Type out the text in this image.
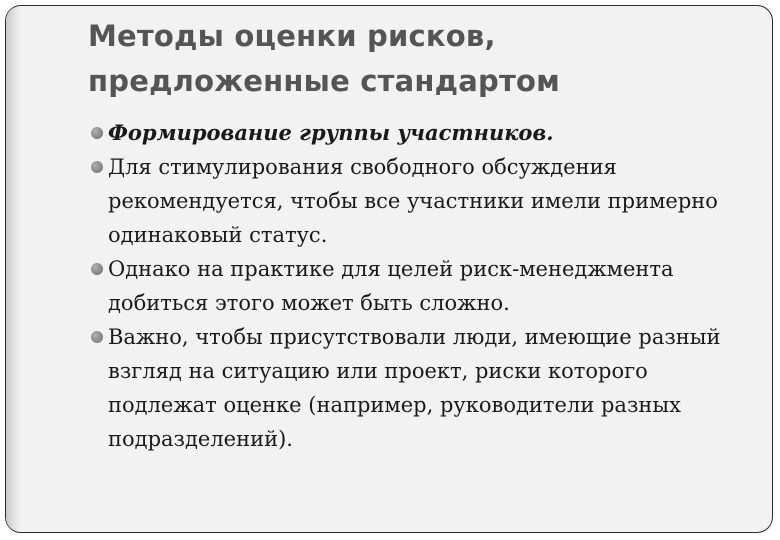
Методы оценки рисков,
предложенные стандартом
Формирование группы участников.
Для стимулирования свободного обсуждения рекомендуется, чтобы все участники имели примерно одинаковый статус.
Однако на практике для целей риск-менеджмента добиться этого может быть сложно.
Важно, чтобы присутствовали люди, имеющие разный взгляд на ситуацию или проект, риски которого подлежат оценке (например, руководители разных подразделений).
